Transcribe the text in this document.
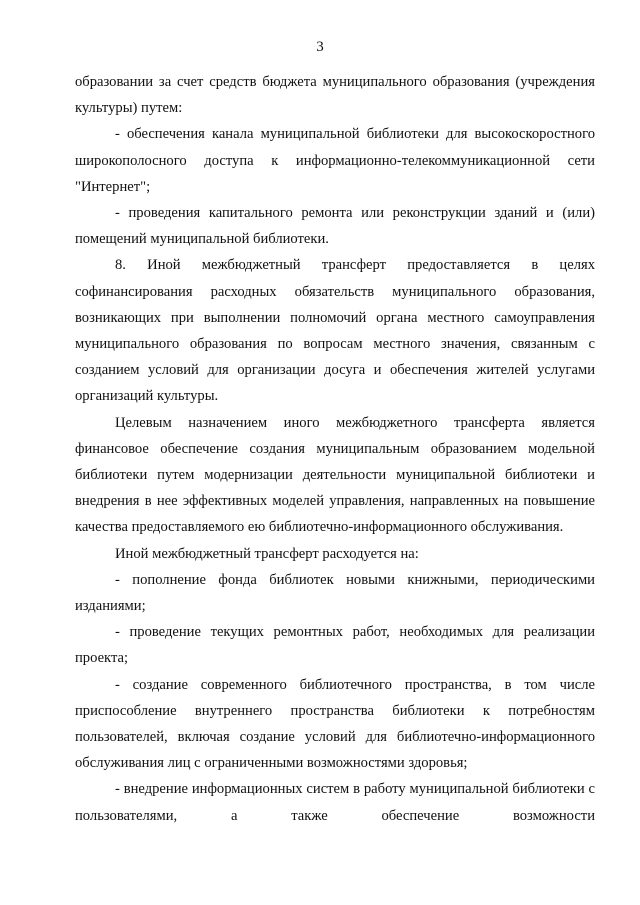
3

образовании за счет средств бюджета муниципального образования (учреждения культуры) путем:

- обеспечения канала муниципальной библиотеки для высокоскоростного широкополосного доступа к информационно-телекоммуникационной сети "Интернет";

- проведения капитального ремонта или реконструкции зданий и (или) помещений муниципальной библиотеки.

8. Иной межбюджетный трансферт предоставляется в целях софинансирования расходных обязательств муниципального образования, возникающих при выполнении полномочий органа местного самоуправления муниципального образования по вопросам местного значения, связанным с созданием условий для организации досуга и обеспечения жителей услугами организаций культуры.

Целевым назначением иного межбюджетного трансферта является финансовое обеспечение создания муниципальным образованием модельной библиотеки путем модернизации деятельности муниципальной библиотеки и внедрения в нее эффективных моделей управления, направленных на повышение качества предоставляемого ею библиотечно-информационного обслуживания.

Иной межбюджетный трансферт расходуется на:

- пополнение фонда библиотек новыми книжными, периодическими изданиями;

- проведение текущих ремонтных работ, необходимых для реализации проекта;

- создание современного библиотечного пространства, в том числе приспособление внутреннего пространства библиотеки к потребностям пользователей, включая создание условий для библиотечно-информационного обслуживания лиц с ограниченными возможностями здоровья;

- внедрение информационных систем в работу муниципальной библиотеки с пользователями, а также обеспечение возможности
